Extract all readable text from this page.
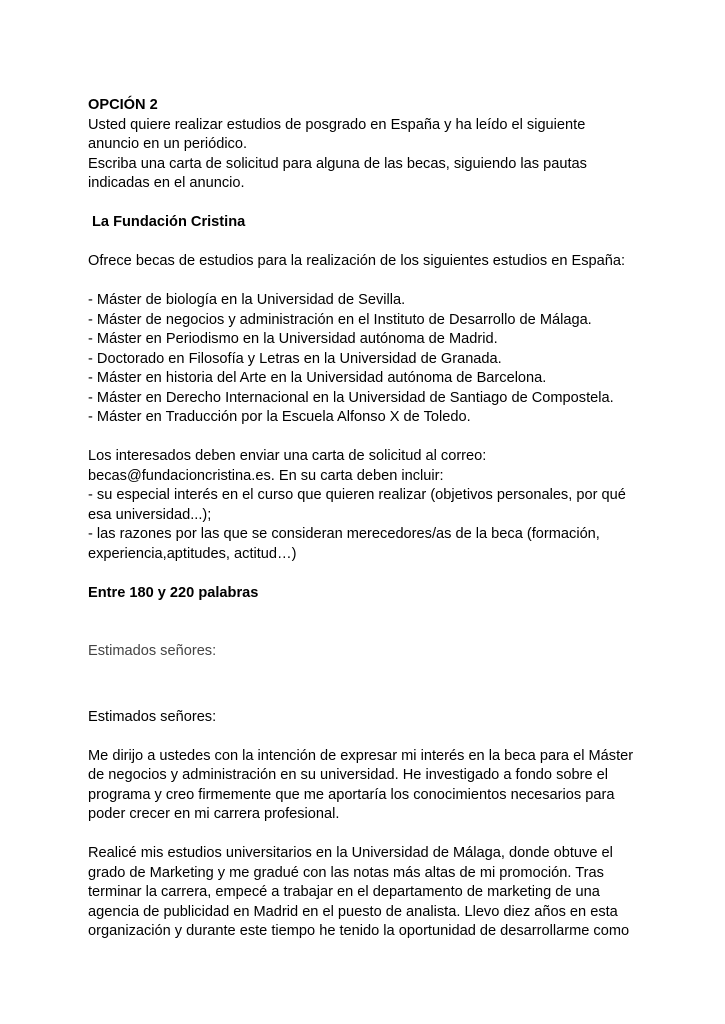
OPCIÓN 2
Usted quiere realizar estudios de posgrado en España y ha leído el siguiente
anuncio en un periódico.
Escriba una carta de solicitud para alguna de las becas, siguiendo las pautas
indicadas en el anuncio.
La Fundación Cristina
Ofrece becas de estudios para la realización de los siguientes estudios en España:
- Máster de biología en la Universidad de Sevilla.
- Máster de negocios y administración en el Instituto de Desarrollo de Málaga.
- Máster en Periodismo en la Universidad autónoma de Madrid.
- Doctorado en Filosofía y Letras en la Universidad de Granada.
- Máster en historia del Arte en la Universidad autónoma de Barcelona.
- Máster en Derecho Internacional en la Universidad de Santiago de Compostela.
- Máster en Traducción por la Escuela Alfonso X de Toledo.
Los interesados deben enviar una carta de solicitud al correo:
becas@fundacioncristina.es. En su carta deben incluir:
- su especial interés en el curso que quieren realizar (objetivos personales, por qué
esa universidad...);
- las razones por las que se consideran merecedores/as de la beca (formación,
experiencia,aptitudes, actitud…)
Entre 180 y 220 palabras
Estimados señores:
Estimados señores:
Me dirijo a ustedes con la intención de expresar mi interés en la beca para el Máster
de negocios y administración en su universidad. He investigado a fondo sobre el
programa y creo firmemente que me aportaría los conocimientos necesarios para
poder crecer en mi carrera profesional.
Realicé mis estudios universitarios en la Universidad de Málaga, donde obtuve el
grado de Marketing y me gradué con las notas más altas de mi promoción. Tras
terminar la carrera, empecé a trabajar en el departamento de marketing de una
agencia de publicidad en Madrid en el puesto de analista. Llevo diez años en esta
organización y durante este tiempo he tenido la oportunidad de desarrollarme como
